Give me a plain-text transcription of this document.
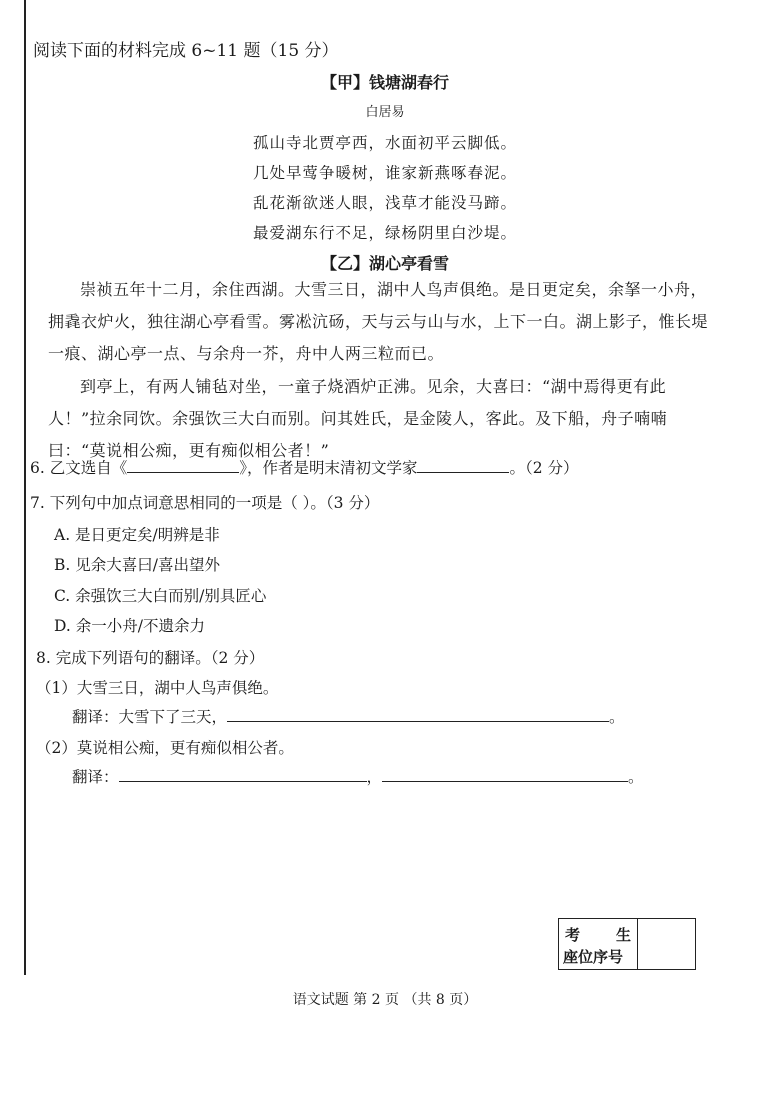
阅读下面的材料完成 6~11 题（15 分）
【甲】钱塘湖春行
白居易
孤山寺北贾亭西，水面初平云脚低。
几处早莺争暖树，谁家新燕啄春泥。
乱花渐欲迷人眼，浅草才能没马蹄。
最爱湖东行不足，绿杨阴里白沙堤。
【乙】湖心亭看雪
崇祯五年十二月，余住西湖。大雪三日，湖中人鸟声俱绝。是日更定矣，余拏一小舟，拥毳衣炉火，独往湖心亭看雪。雾凇沆砀，天与云与山与水，上下一白。湖上影子，惟长堤一痕、湖心亭一点、与余舟一芥，舟中人两三粒而已。
到亭上，有两人铺毡对坐，一童子烧酒炉正沸。见余，大喜曰：“湖中焉得更有此人！”拉余同饮。余强饮三大白而别。问其姓氏，是金陵人，客此。及下船，舟子喃喃曰：“莫说相公痴，更有痴似相公者！”
6. 乙文选自《	》，作者是明末清初文学家	。（2 分）
7. 下列句中加点词意思相同的一项是（ ）。（3 分）
A. 是日更定矣/明辨是非
B. 见余大喜曰/喜出望外
C. 余强饮三大白而别/别具匠心
D. 余一小舟/不遗余力
8. 完成下列语句的翻译。（2 分）
（1）大雪三日，湖中人鸟声俱绝。
翻译：大雪下了三天，	。
（2）莫说相公痴，更有痴似相公者。
翻译：	，	。
考生
座位序号
语文试题 第 2 页 （共 8 页）
